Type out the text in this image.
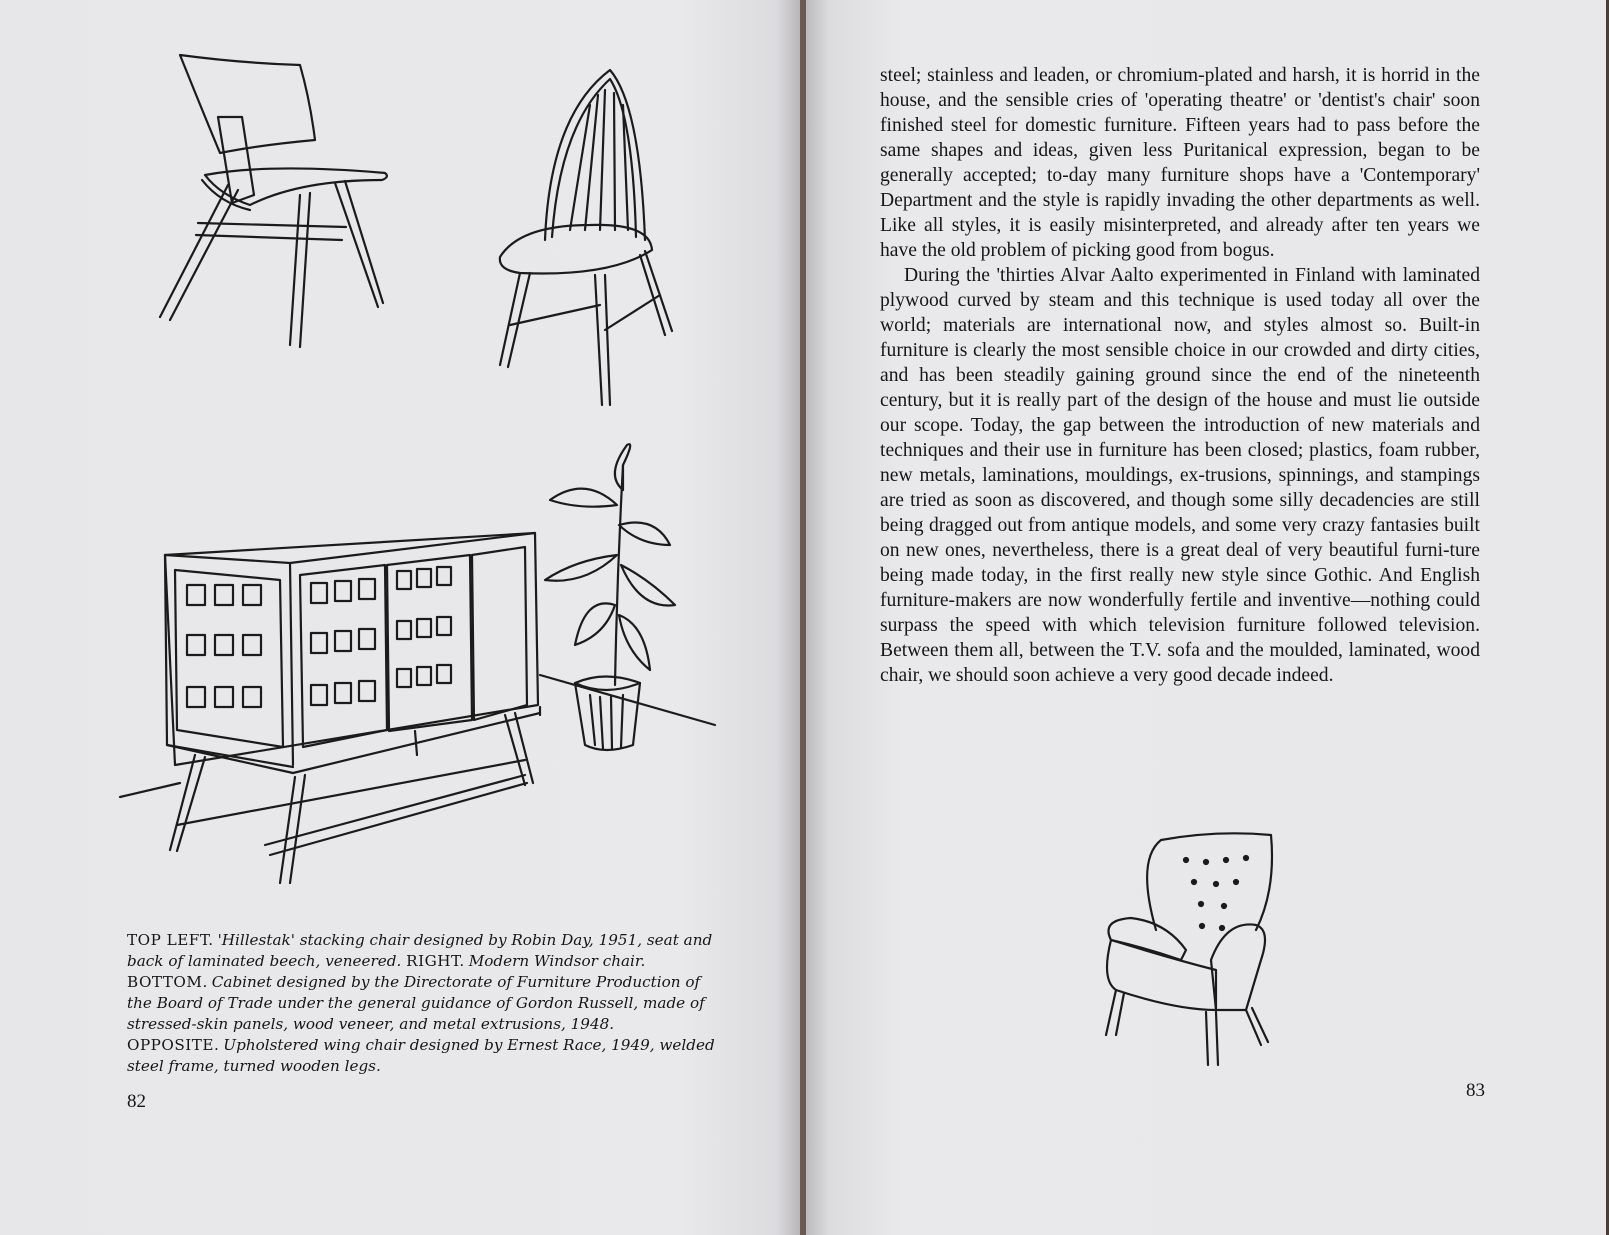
TOP LEFT. 'Hillestak' stacking chair designed by Robin Day, 1951, seat and back of laminated beech, veneered. RIGHT. Modern Windsor chair.

BOTTOM. Cabinet designed by the Directorate of Furniture Production of the Board of Trade under the general guidance of Gordon Russell, made of stressed-skin panels, wood veneer, and metal extrusions, 1948.

OPPOSITE. Upholstered wing chair designed by Ernest Race, 1949, welded steel frame, turned wooden legs.

82

steel; stainless and leaden, or chromium-plated and harsh, it is horrid in the house, and the sensible cries of 'operating theatre' or 'dentist's chair' soon finished steel for domestic furniture. Fifteen years had to pass before the same shapes and ideas, given less Puritanical expression, began to be generally accepted; to-day many furniture shops have a 'Contemporary' Department and the style is rapidly invading the other departments as well. Like all styles, it is easily misinterpreted, and already after ten years we have the old problem of picking good from bogus.

During the 'thirties Alvar Aalto experimented in Finland with laminated plywood curved by steam and this technique is used today all over the world; materials are international now, and styles almost so. Built-in furniture is clearly the most sensible choice in our crowded and dirty cities, and has been steadily gaining ground since the end of the nineteenth century, but it is really part of the design of the house and must lie outside our scope. Today, the gap between the introduction of new materials and techniques and their use in furniture has been closed; plastics, foam rubber, new metals, laminations, mouldings, ex-trusions, spinnings, and stampings are tried as soon as discovered, and though some silly decadencies are still being dragged out from antique models, and some very crazy fantasies built on new ones, nevertheless, there is a great deal of very beautiful furni-ture being made today, in the first really new style since Gothic. And English furniture-makers are now wonderfully fertile and inventive—nothing could surpass the speed with which television furniture followed television. Between them all, between the T.V. sofa and the moulded, laminated, wood chair, we should soon achieve a very good decade indeed.

83
